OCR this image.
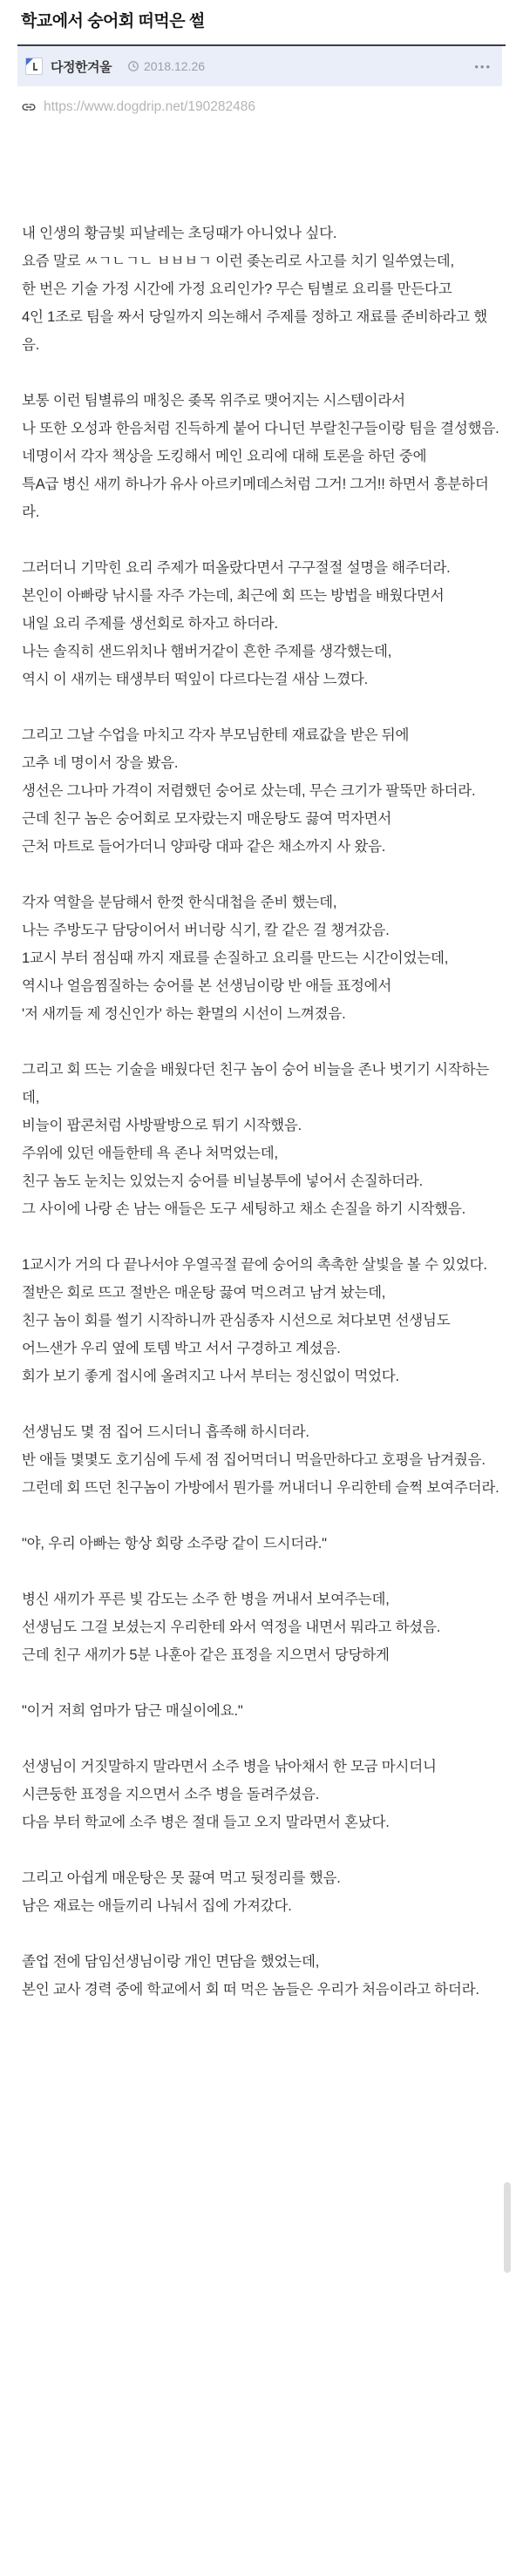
학교에서 숭어회 떠먹은 썰
다정한겨울	2018.12.26	•••
https://www.dogdrip.net/190282486

내 인생의 황금빛 피날레는 초딩때가 아니었나 싶다.
요즘 말로 ㅆㄱㄴㄱㄴ ㅂㅂㅂㄱ 이런 좆논리로 사고를 치기 일쑤였는데,
한 번은 기술 가정 시간에 가정 요리인가? 무슨 팀별로 요리를 만든다고
4인 1조로 팀을 짜서 당일까지 의논해서 주제를 정하고 재료를 준비하라고 했음.

보통 이런 팀별류의 매칭은 좆목 위주로 맺어지는 시스템이라서
나 또한 오성과 한음처럼 진득하게 붙어 다니던 부랄친구들이랑 팀을 결성했음.
네명이서 각자 책상을 도킹해서 메인 요리에 대해 토론을 하던 중에
특A급 병신 새끼 하나가 유사 아르키메데스처럼 그거! 그거!! 하면서 흥분하더라.

그러더니 기막힌 요리 주제가 떠올랐다면서 구구절절 설명을 해주더라.
본인이 아빠랑 낚시를 자주 가는데, 최근에 회 뜨는 방법을 배웠다면서
내일 요리 주제를 생선회로 하자고 하더라.
나는 솔직히 샌드위치나 햄버거같이 흔한 주제를 생각했는데,
역시 이 새끼는 태생부터 떡잎이 다르다는걸 새삼 느꼈다.

그리고 그날 수업을 마치고 각자 부모님한테 재료값을 받은 뒤에
고추 네 명이서 장을 봤음.
생선은 그나마 가격이 저렴했던 숭어로 샀는데, 무슨 크기가 팔뚝만 하더라.
근데 친구 놈은 숭어회로 모자랐는지 매운탕도 끓여 먹자면서
근처 마트로 들어가더니 양파랑 대파 같은 채소까지 사 왔음.

각자 역할을 분담해서 한껏 한식대첩을 준비 했는데,
나는 주방도구 담당이어서 버너랑 식기, 칼 같은 걸 챙겨갔음.
1교시 부터 점심때 까지 재료를 손질하고 요리를 만드는 시간이었는데,
역시나 얼음찜질하는 숭어를 본 선생님이랑 반 애들 표정에서
'저 새끼들 제 정신인가' 하는 환멸의 시선이 느껴졌음.

그리고 회 뜨는 기술을 배웠다던 친구 놈이 숭어 비늘을 존나 벗기기 시작하는데,
비늘이 팝콘처럼 사방팔방으로 튀기 시작했음.
주위에 있던 애들한테 욕 존나 처먹었는데,
친구 놈도 눈치는 있었는지 숭어를 비닐봉투에 넣어서 손질하더라.
그 사이에 나랑 손 남는 애들은 도구 세팅하고 채소 손질을 하기 시작했음.

1교시가 거의 다 끝나서야 우열곡절 끝에 숭어의 촉촉한 살빛을 볼 수 있었다.
절반은 회로 뜨고 절반은 매운탕 끓여 먹으려고 남겨 놨는데,
친구 놈이 회를 썰기 시작하니까 관심종자 시선으로 쳐다보면 선생님도
어느샌가 우리 옆에 토템 박고 서서 구경하고 계셨음.
회가 보기 좋게 접시에 올려지고 나서 부터는 정신없이 먹었다.

선생님도 몇 점 집어 드시더니 흡족해 하시더라.
반 애들 몇몇도 호기심에 두세 점 집어먹더니 먹을만하다고 호평을 남겨줬음.
그런데 회 뜨던 친구놈이 가방에서 뭔가를 꺼내더니 우리한테 슬쩍 보여주더라.

"야, 우리 아빠는 항상 회랑 소주랑 같이 드시더라."

병신 새끼가 푸른 빛 감도는 소주 한 병을 꺼내서 보여주는데,
선생님도 그걸 보셨는지 우리한테 와서 역정을 내면서 뭐라고 하셨음.
근데 친구 새끼가 5분 나훈아 같은 표정을 지으면서 당당하게

"이거 저희 엄마가 담근 매실이에요."

선생님이 거짓말하지 말라면서 소주 병을 낚아채서 한 모금 마시더니
시큰둥한 표정을 지으면서 소주 병을 돌려주셨음.
다음 부터 학교에 소주 병은 절대 들고 오지 말라면서 혼났다.

그리고 아쉽게 매운탕은 못 끓여 먹고 뒷정리를 했음.
남은 재료는 애들끼리 나눠서 집에 가져갔다.

졸업 전에 담임선생님이랑 개인 면담을 했었는데,
본인 교사 경력 중에 학교에서 회 떠 먹은 놈들은 우리가 처음이라고 하더라.
